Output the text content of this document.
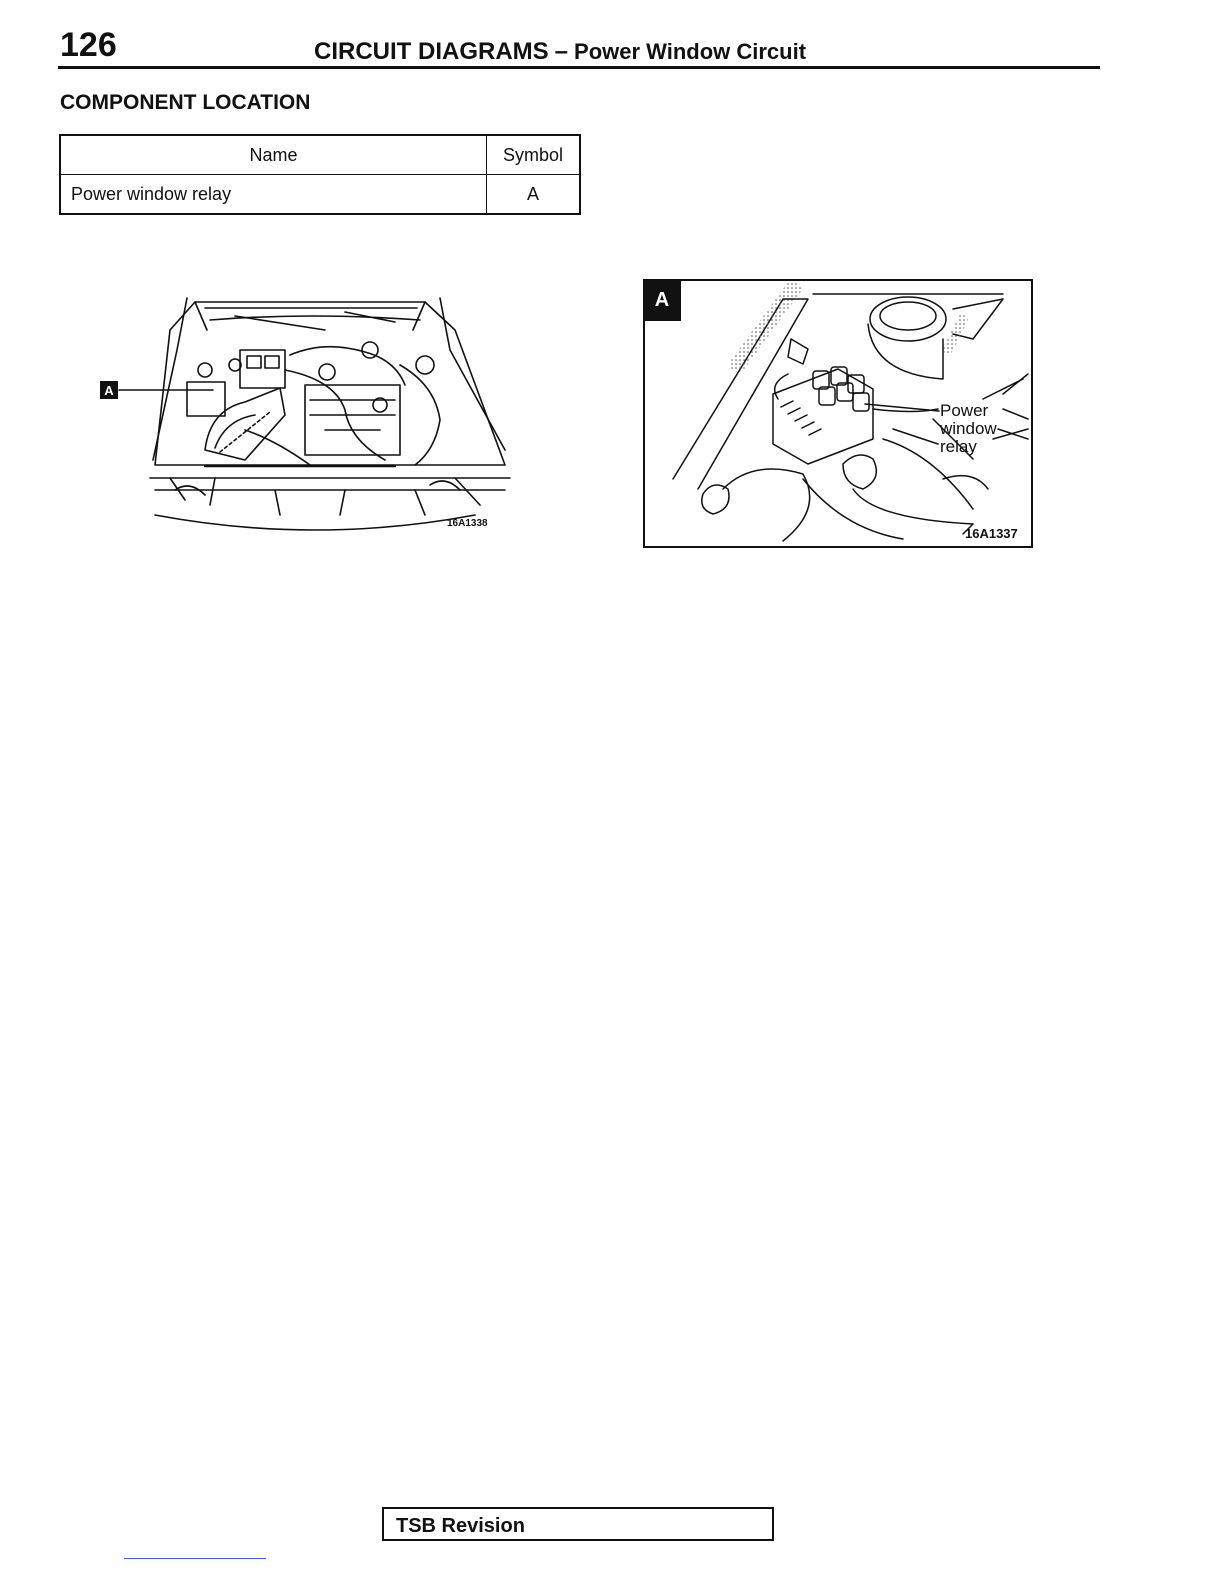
126	CIRCUIT DIAGRAMS – Power Window Circuit
COMPONENT LOCATION
Name	Symbol
Power window relay	A
16A1338
A
16A1337
A
Power
window
relay
TSB Revision
